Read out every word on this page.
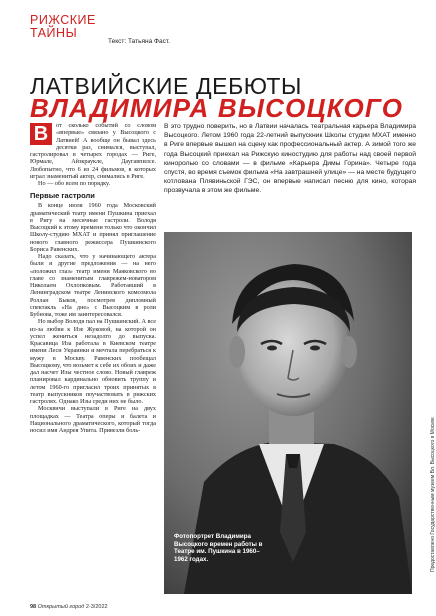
РИЖСКИЕ
ТАЙНЫ
Текст: Татьяна Фаст.
ЛАТВИЙСКИЕ ДЕБЮТЫ
ВЛАДИМИРА ВЫСОЦКОГО
В	от сколько событий со словом «впервые» связано у Высоцкого с Латвией! А вообще он бывал здесь десятки раз, снимался, выступал, гастролировал в четырех городах — Риге, Юрмале, Айзкраукле, Даугавпилсе. Любопытно, что 6 из 24 фильмов, в которых играл знаменитый актер, снимались в Риге.

Но — обо всем по порядку.

Первые гастроли

В конце июля 1960 года Московский драматический театр имени Пушкина приехал в Ригу на месячные гастроли. Володя Высоцкий к этому времени только что окончил Школу-студию МХАТ и принял приглашение нового главного режиссера Пушкинского Бориса Равенских.

Надо сказать, что у начинающего актера были и другие предложения — на него «положил глаз» театр имени Маяковского во главе со знаменитым главрежем-новатором Николаем Охлопковым. Работавший в Ленинградском театре Ленинского комсомола Роллан Быков, посмотрев дипломный спектакль «На дне» с Высоцким в роли Бубнова, тоже им заинтересовался.

Но выбор Володя пал на Пушкинский. А все из-за любви к Изе Жуковой, на которой он успел жениться незадолго до выпуска. Красавица Иза работала в Киевском театре имени Леси Украинки и мечтала перебраться к мужу в Москву. Равенских пообещал Высоцкому, что возьмет к себе их обоих и даже дал насчет Изы честное слово. Новый главреж планировал кардинально обновить труппу и летом 1960-го пригласил троих принятых в театр выпускников поучаствовать в рижских гастролях. Однако Изы среди них не было.

Москвичи выступали в Риге на двух площадках — Театра оперы и балета и Национального драматического, который тогда носил имя Андрея Упита. Привезли боль-

В это трудно поверить, но в Латвии началась театральная карьера Владимира Высоцкого. Летом 1960 года 22-летний выпускник Школы студии МХАТ именно в Риге впервые вышел на сцену как профессиональный актер. А зимой того же года Высоцкий приехал на Рижскую киностудию для работы над своей первой киноролью со словами — в фильме «Карьера Димы Горина». Четыре года спустя, во время съемок фильма «На завтрашней улице» — на месте будущего котлована Плявиньской ГЭС, он впервые написал песню для кино, которая прозвучала в этом же фильме.

Фотопортрет Владимира Высоцкого времен работы в Театре им. Пушкина в 1960–1962 годах.	Предоставлено Государственным музеем Вл. Высоцкого в Москве
98 Открытый город 2-3/2022
